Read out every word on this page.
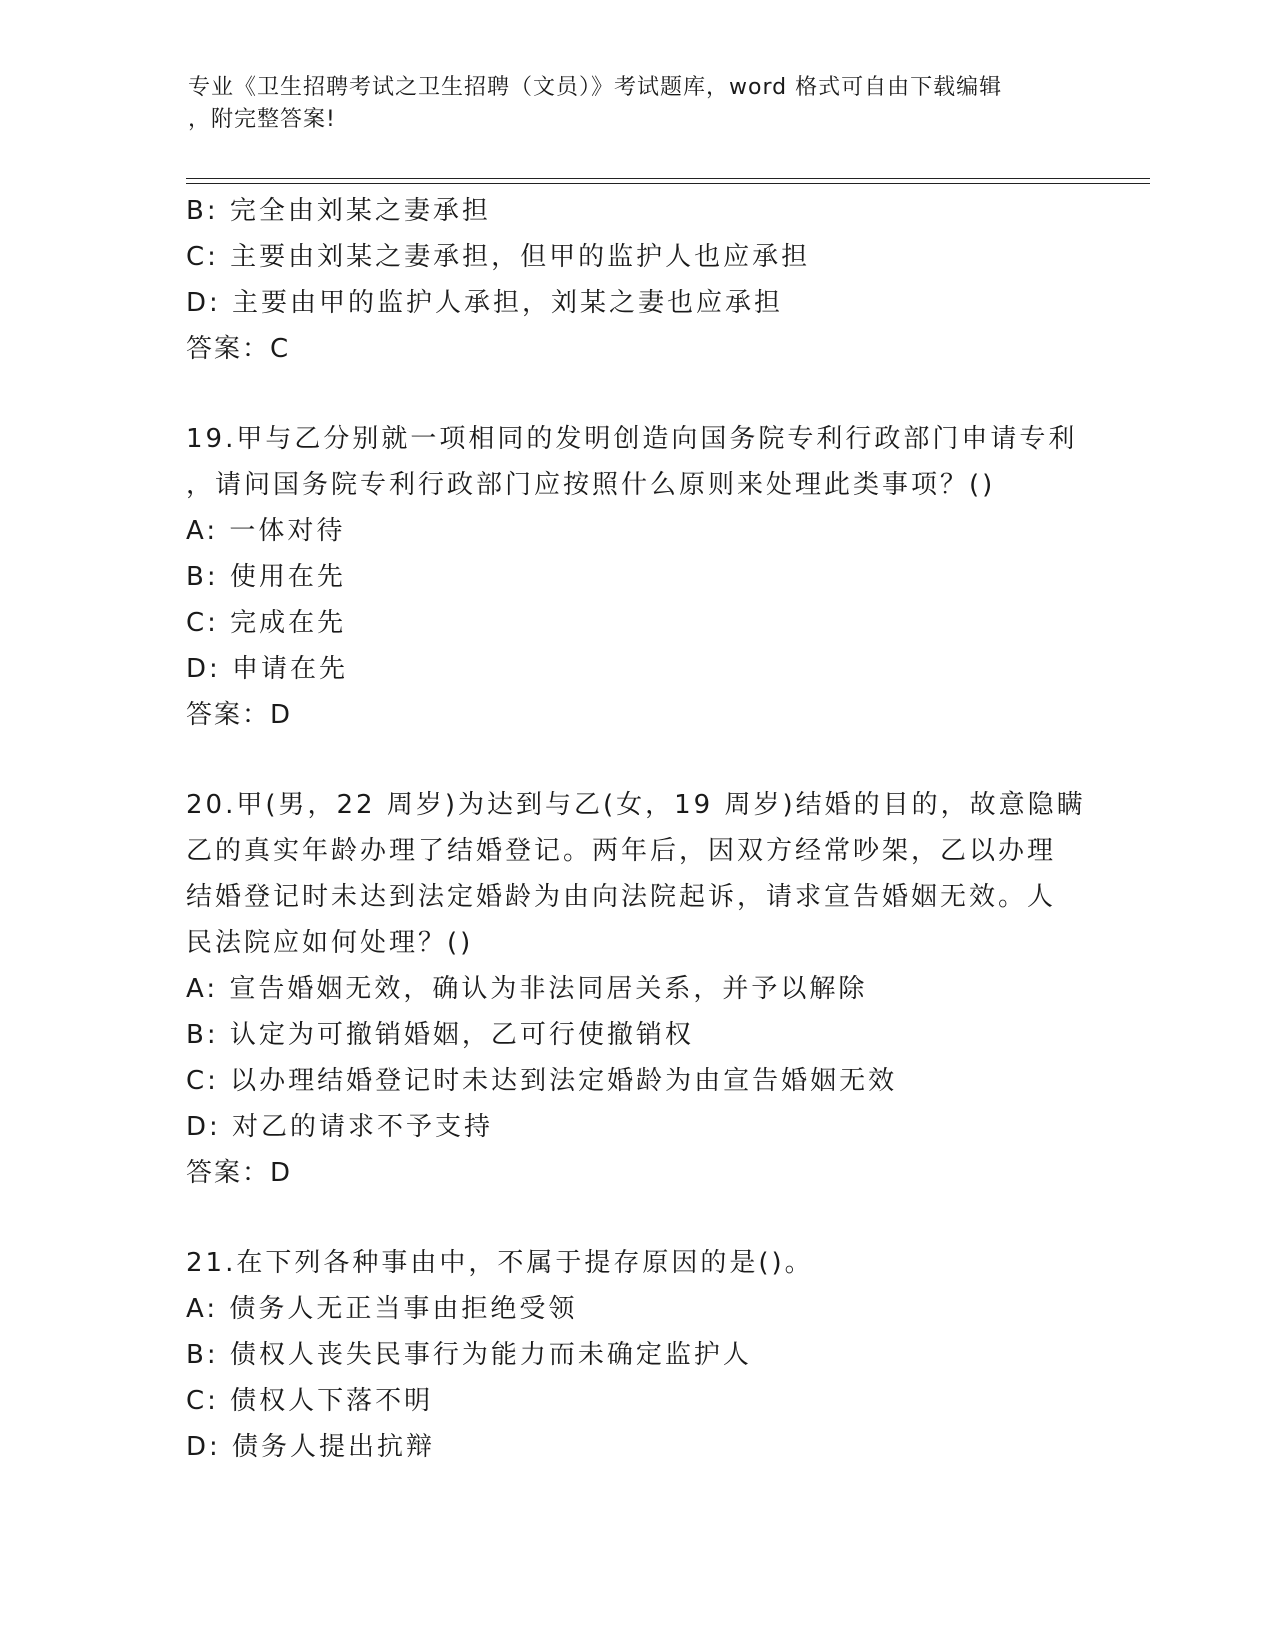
专业《卫生招聘考试之卫生招聘（文员）》考试题库，word 格式可自由下载编辑
，附完整答案!
B: 完全由刘某之妻承担
C: 主要由刘某之妻承担，但甲的监护人也应承担
D: 主要由甲的监护人承担，刘某之妻也应承担
答案：C
19.甲与乙分别就一项相同的发明创造向国务院专利行政部门申请专利
，请问国务院专利行政部门应按照什么原则来处理此类事项？()
A: 一体对待
B: 使用在先
C: 完成在先
D: 申请在先
答案：D
20.甲(男，22 周岁)为达到与乙(女，19 周岁)结婚的目的，故意隐瞒
乙的真实年龄办理了结婚登记。两年后，因双方经常吵架，乙以办理
结婚登记时未达到法定婚龄为由向法院起诉，请求宣告婚姻无效。人
民法院应如何处理？()
A: 宣告婚姻无效，确认为非法同居关系，并予以解除
B: 认定为可撤销婚姻，乙可行使撤销权
C: 以办理结婚登记时未达到法定婚龄为由宣告婚姻无效
D: 对乙的请求不予支持
答案：D
21.在下列各种事由中，不属于提存原因的是()。
A: 债务人无正当事由拒绝受领
B: 债权人丧失民事行为能力而未确定监护人
C: 债权人下落不明
D: 债务人提出抗辩
